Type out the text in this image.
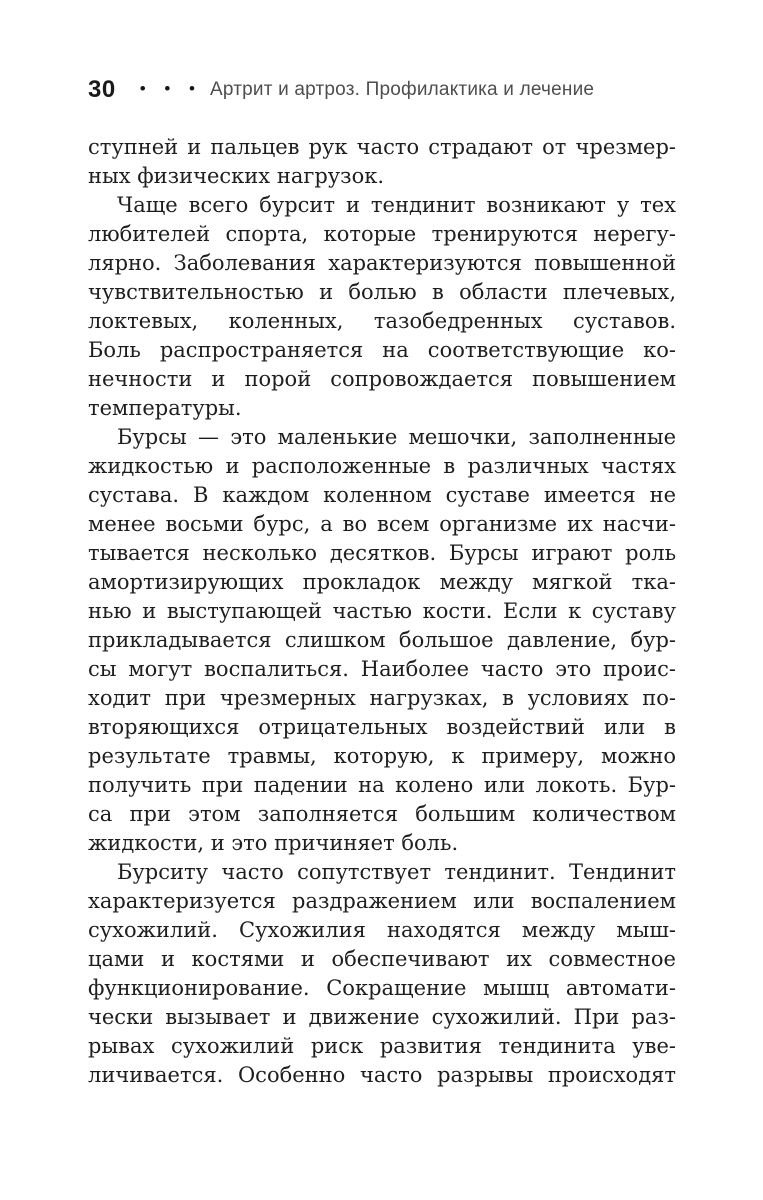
30 • • • Артрит и артроз. Профилактика и лечение
ступней и пальцев рук часто страдают от чрезмер-
ных физических нагрузок.
Чаще всего бурсит и тендинит возникают у тех
любителей спорта, которые тренируются нерегу-
лярно. Заболевания характеризуются повышенной
чувствительностью и болью в области плечевых,
локтевых, коленных, тазобедренных суставов.
Боль распространяется на соответствующие ко-
нечности и порой сопровождается повышением
температуры.
Бурсы — это маленькие мешочки, заполненные
жидкостью и расположенные в различных частях
сустава. В каждом коленном суставе имеется не
менее восьми бурс, а во всем организме их насчи-
тывается несколько десятков. Бурсы играют роль
амортизирующих прокладок между мягкой тка-
нью и выступающей частью кости. Если к суставу
прикладывается слишком большое давление, бур-
сы могут воспалиться. Наиболее часто это проис-
ходит при чрезмерных нагрузках, в условиях по-
вторяющихся отрицательных воздействий или в
результате травмы, которую, к примеру, можно
получить при падении на колено или локоть. Бур-
са при этом заполняется большим количеством
жидкости, и это причиняет боль.
Бурситу часто сопутствует тендинит. Тендинит
характеризуется раздражением или воспалением
сухожилий. Сухожилия находятся между мыш-
цами и костями и обеспечивают их совместное
функционирование. Сокращение мышц автомати-
чески вызывает и движение сухожилий. При раз-
рывах сухожилий риск развития тендинита уве-
личивается. Особенно часто разрывы происходят
